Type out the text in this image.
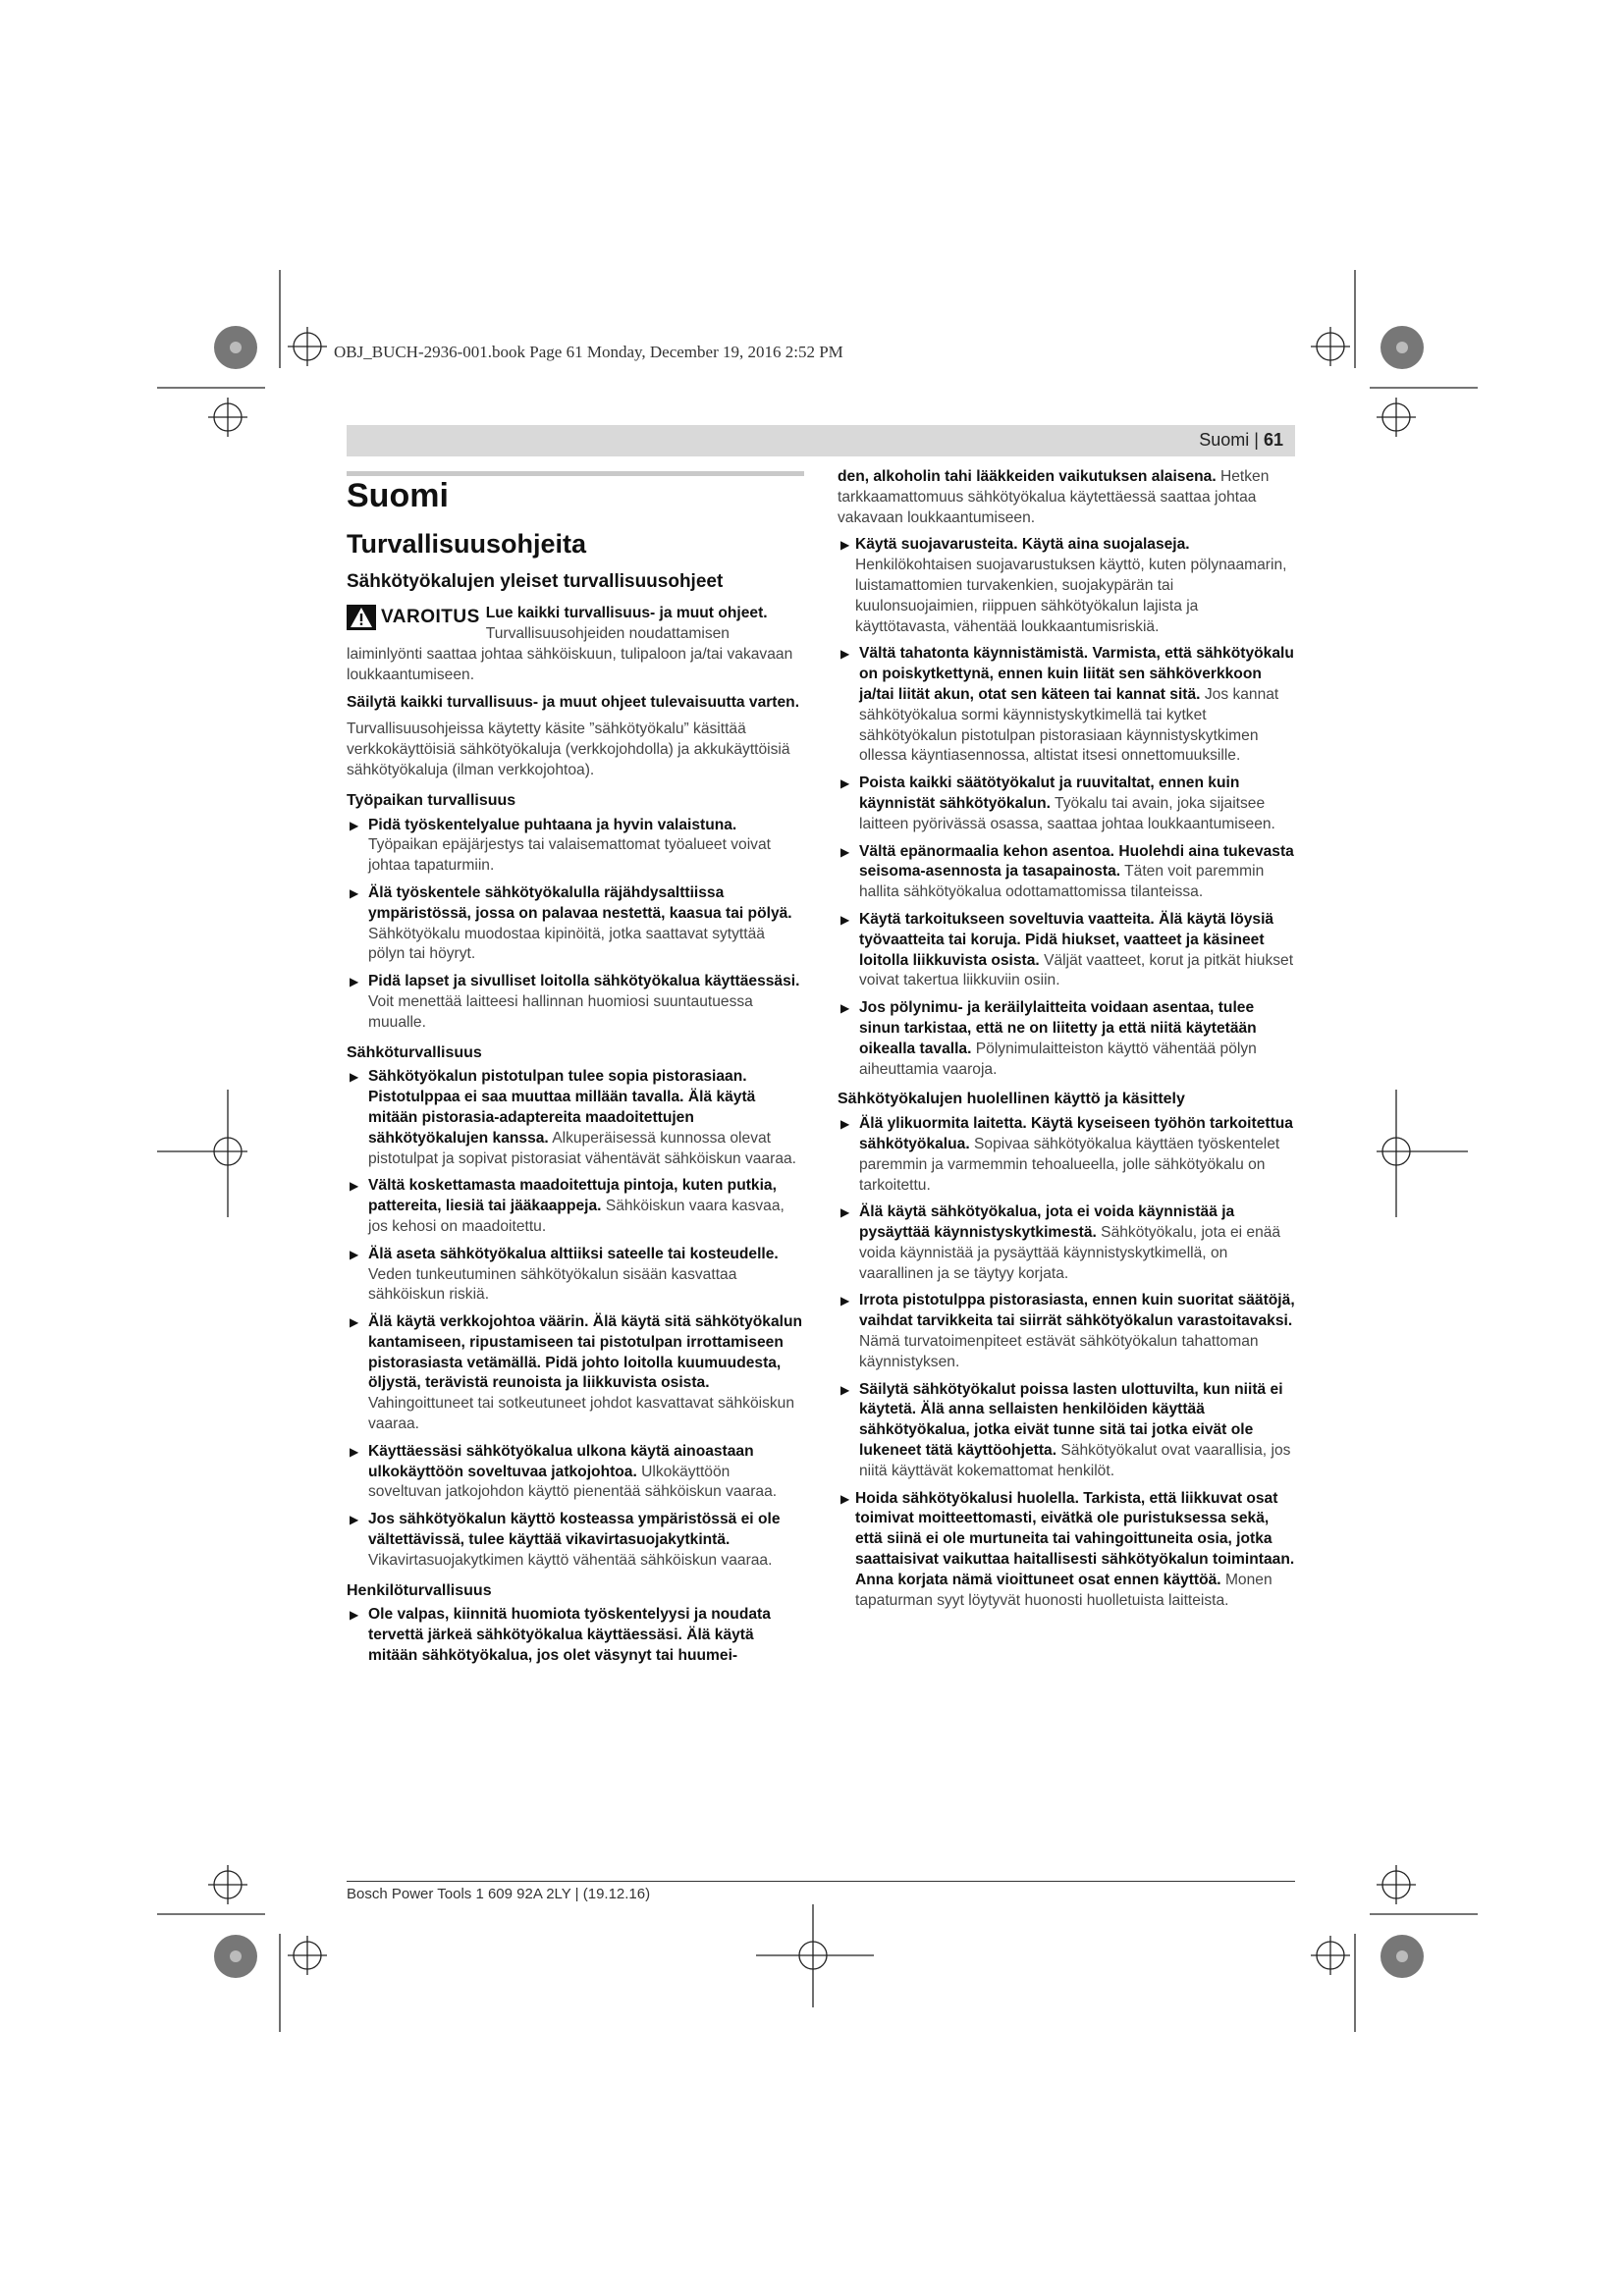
OBJ_BUCH-2936-001.book Page 61 Monday, December 19, 2016 2:52 PM
Suomi | 61
Suomi
Turvallisuusohjeita
Sähkötyökalujen yleiset turvallisuusohjeet

VAROITUS Lue kaikki turvallisuus- ja muut ohjeet. Turvallisuusohjeiden noudattamisen laiminlyönti saattaa johtaa sähköiskuun, tulipaloon ja/tai vakavaan loukkaantumiseen.

Säilytä kaikki turvallisuus- ja muut ohjeet tulevaisuutta varten.

Turvallisuusohjeissa käytetty käsite ”sähkötyökalu” käsittää verkkokäyttöisiä sähkötyökaluja (verkkojohdolla) ja akkukäyttöisiä sähkötyökaluja (ilman verkkojohtoa).

Työpaikan turvallisuus

▶ Pidä työskentelyalue puhtaana ja hyvin valaistuna. Työpaikan epäjärjestys tai valaisemattomat työalueet voivat johtaa tapaturmiin.

▶ Älä työskentele sähkötyökalulla räjähdysalttiissa ympäristössä, jossa on palavaa nestettä, kaasua tai pölyä. Sähkötyökalu muodostaa kipinöitä, jotka saattavat sytyttää pölyn tai höyryt.

▶ Pidä lapset ja sivulliset loitolla sähkötyökalua käyttäessäsi. Voit menettää laitteesi hallinnan huomiosi suuntautuessa muualle.

Sähköturvallisuus

▶ Sähkötyökalun pistotulpan tulee sopia pistorasiaan. Pistotulppaa ei saa muuttaa millään tavalla. Älä käytä mitään pistorasia-adaptereita maadoitettujen sähkötyökalujen kanssa. Alkuperäisessä kunnossa olevat pistotulpat ja sopivat pistorasiat vähentävät sähköiskun vaaraa.

▶ Vältä koskettamasta maadoitettuja pintoja, kuten putkia, pattereita, liesiä tai jääkaappeja. Sähköiskun vaara kasvaa, jos kehosi on maadoitettu.

▶ Älä aseta sähkötyökalua alttiiksi sateelle tai kosteudelle. Veden tunkeutuminen sähkötyökalun sisään kasvattaa sähköiskun riskiä.

▶ Älä käytä verkkojohtoa väärin. Älä käytä sitä sähkötyökalun kantamiseen, ripustamiseen tai pistotulpan irrottamiseen pistorasiasta vetämällä. Pidä johto loitolla kuumuudesta, öljystä, terävistä reunoista ja liikkuvista osista. Vahingoittuneet tai sotkeutuneet johdot kasvattavat sähköiskun vaaraa.

▶ Käyttäessäsi sähkötyökalua ulkona käytä ainoastaan ulkokäyttöön soveltuvaa jatkojohtoa. Ulkokäyttöön soveltuvan jatkojohdon käyttö pienentää sähköiskun vaaraa.

▶ Jos sähkötyökalun käyttö kosteassa ympäristössä ei ole vältettävissä, tulee käyttää vikavirtasuojakytkintä. Vikavirtasuojakytkimen käyttö vähentää sähköiskun vaaraa.

Henkilöturvallisuus

▶ Ole valpas, kiinnitä huomiota työskentelyysi ja noudata tervettä järkeä sähkötyökalua käyttäessäsi. Älä käytä mitään sähkötyökalua, jos olet väsynyt tai huumei-

den, alkoholin tahi lääkkeiden vaikutuksen alaisena. Hetken tarkkaamattomuus sähkötyökalua käytettäessä saattaa johtaa vakavaan loukkaantumiseen.

▶ Käytä suojavarusteita. Käytä aina suojalaseja. Henkilökohtaisen suojavarustuksen käyttö, kuten pölynaamarin, luistamattomien turvakenkien, suojakypärän tai kuulonsuojaimien, riippuen sähkötyökalun lajista ja käyttötavasta, vähentää loukkaantumisriskiä.

▶ Vältä tahatonta käynnistämistä. Varmista, että sähkötyökalu on poiskytkettynä, ennen kuin liität sen sähköverkkoon ja/tai liität akun, otat sen käteen tai kannat sitä. Jos kannat sähkötyökalua sormi käynnistyskytkimellä tai kytket sähkötyökalun pistotulpan pistorasiaan käynnistyskytkimen ollessa käyntiasennossa, altistat itsesi onnettomuuksille.

▶ Poista kaikki säätötyökalut ja ruuvitaltat, ennen kuin käynnistät sähkötyökalun. Työkalu tai avain, joka sijaitsee laitteen pyörivässä osassa, saattaa johtaa loukkaantumiseen.

▶ Vältä epänormaalia kehon asentoa. Huolehdi aina tukevasta seisoma-asennosta ja tasapainosta. Täten voit paremmin hallita sähkötyökalua odottamattomissa tilanteissa.

▶ Käytä tarkoitukseen soveltuvia vaatteita. Älä käytä löysiä työvaatteita tai koruja. Pidä hiukset, vaatteet ja käsineet loitolla liikkuvista osista. Väljät vaatteet, korut ja pitkät hiukset voivat takertua liikkuviin osiin.

▶ Jos pölynimu- ja keräilylaitteita voidaan asentaa, tulee sinun tarkistaa, että ne on liitetty ja että niitä käytetään oikealla tavalla. Pölynimulaitteiston käyttö vähentää pölyn aiheuttamia vaaroja.

Sähkötyökalujen huolellinen käyttö ja käsittely

▶ Älä ylikuormita laitetta. Käytä kyseiseen työhön tarkoitettua sähkötyökalua. Sopivaa sähkötyökalua käyttäen työskentelet paremmin ja varmemmin tehoalueella, jolle sähkötyökalu on tarkoitettu.

▶ Älä käytä sähkötyökalua, jota ei voida käynnistää ja pysäyttää käynnistyskytkimestä. Sähkötyökalu, jota ei enää voida käynnistää ja pysäyttää käynnistyskytkimellä, on vaarallinen ja se täytyy korjata.

▶ Irrota pistotulppa pistorasiasta, ennen kuin suoritat säätöjä, vaihdat tarvikkeita tai siirrät sähkötyökalun varastoitavaksi. Nämä turvatoimenpiteet estävät sähkötyökalun tahattoman käynnistyksen.

▶ Säilytä sähkötyökalut poissa lasten ulottuvilta, kun niitä ei käytetä. Älä anna sellaisten henkilöiden käyttää sähkötyökalua, jotka eivät tunne sitä tai jotka eivät ole lukeneet tätä käyttöohjetta. Sähkötyökalut ovat vaarallisia, jos niitä käyttävät kokemattomat henkilöt.

▶ Hoida sähkötyökalusi huolella. Tarkista, että liikkuvat osat toimivat moitteettomasti, eivätkä ole puristuksessa sekä, että siinä ei ole murtuneita tai vahingoittuneita osia, jotka saattaisivat vaikuttaa haitallisesti sähkötyökalun toimintaan. Anna korjata nämä vioittuneet osat ennen käyttöä. Monen tapaturman syyt löytyvät huonosti huolletuista laitteista.

Bosch Power Tools 1 609 92A 2LY | (19.12.16)
